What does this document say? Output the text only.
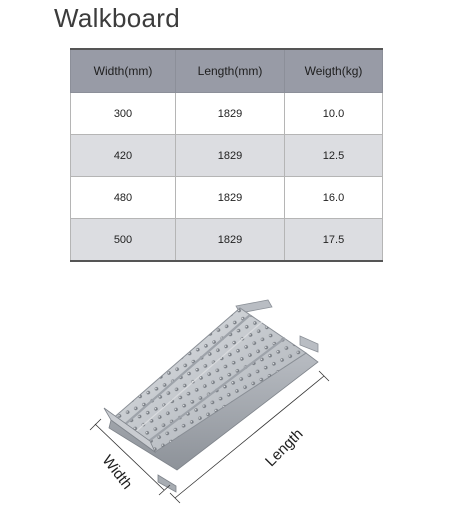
Walkboard
Width(mm)	Length(mm)	Weigth(kg)
300	1829	10.0
420	1829	12.5
480	1829	16.0
500	1829	17.5
Width
Length
